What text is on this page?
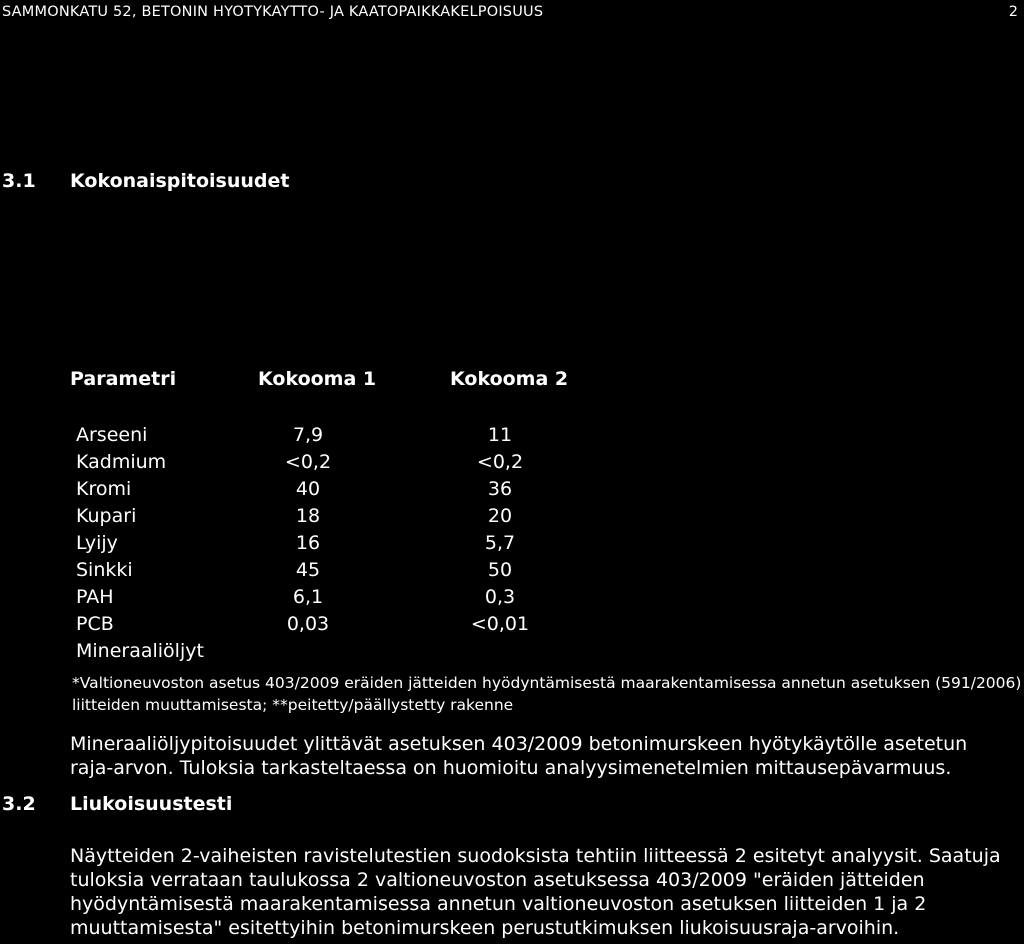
SAMMONKATU 52, BETONIN HYOTYKAYTTO- JA KAATOPAIKKAKELPOISUUS	2
3.1 Kokonaispitoisuudet
Parametri	Kokooma 1	Kokooma 2
Arseeni	7,9	11
Kadmium	<0,2	<0,2
Kromi	40	36
Kupari	18	20
Lyijy	16	5,7
Sinkki	45	50
PAH	6,1	0,3
PCB	0,03	<0,01
Mineraaliöljyt
*Valtioneuvoston asetus 403/2009 eräiden jätteiden hyödyntämisestä maarakentamisessa annetun asetuksen (591/2006) liitteiden muuttamisesta; **peitetty/päällystetty rakenne
Mineraaliöljypitoisuudet ylittävät asetuksen 403/2009 betonimurskeen hyötykäytölle asetetun raja-arvon. Tuloksia tarkasteltaessa on huomioitu analyysimenetelmien mittausepävarmuus.
3.2 Liukoisuustesti
Näytteiden 2-vaiheisten ravistelutestien suodoksista tehtiin liitteessä 2 esitetyt analyysit. Saatuja tuloksia verrataan taulukossa 2 valtioneuvoston asetuksessa 403/2009 "eräiden jätteiden hyödyntämisestä maarakentamisessa annetun valtioneuvoston asetuksen liitteiden 1 ja 2 muuttamisesta" esitettyihin betonimurskeen perustutkimuksen liukoisuusraja-arvoihin.
